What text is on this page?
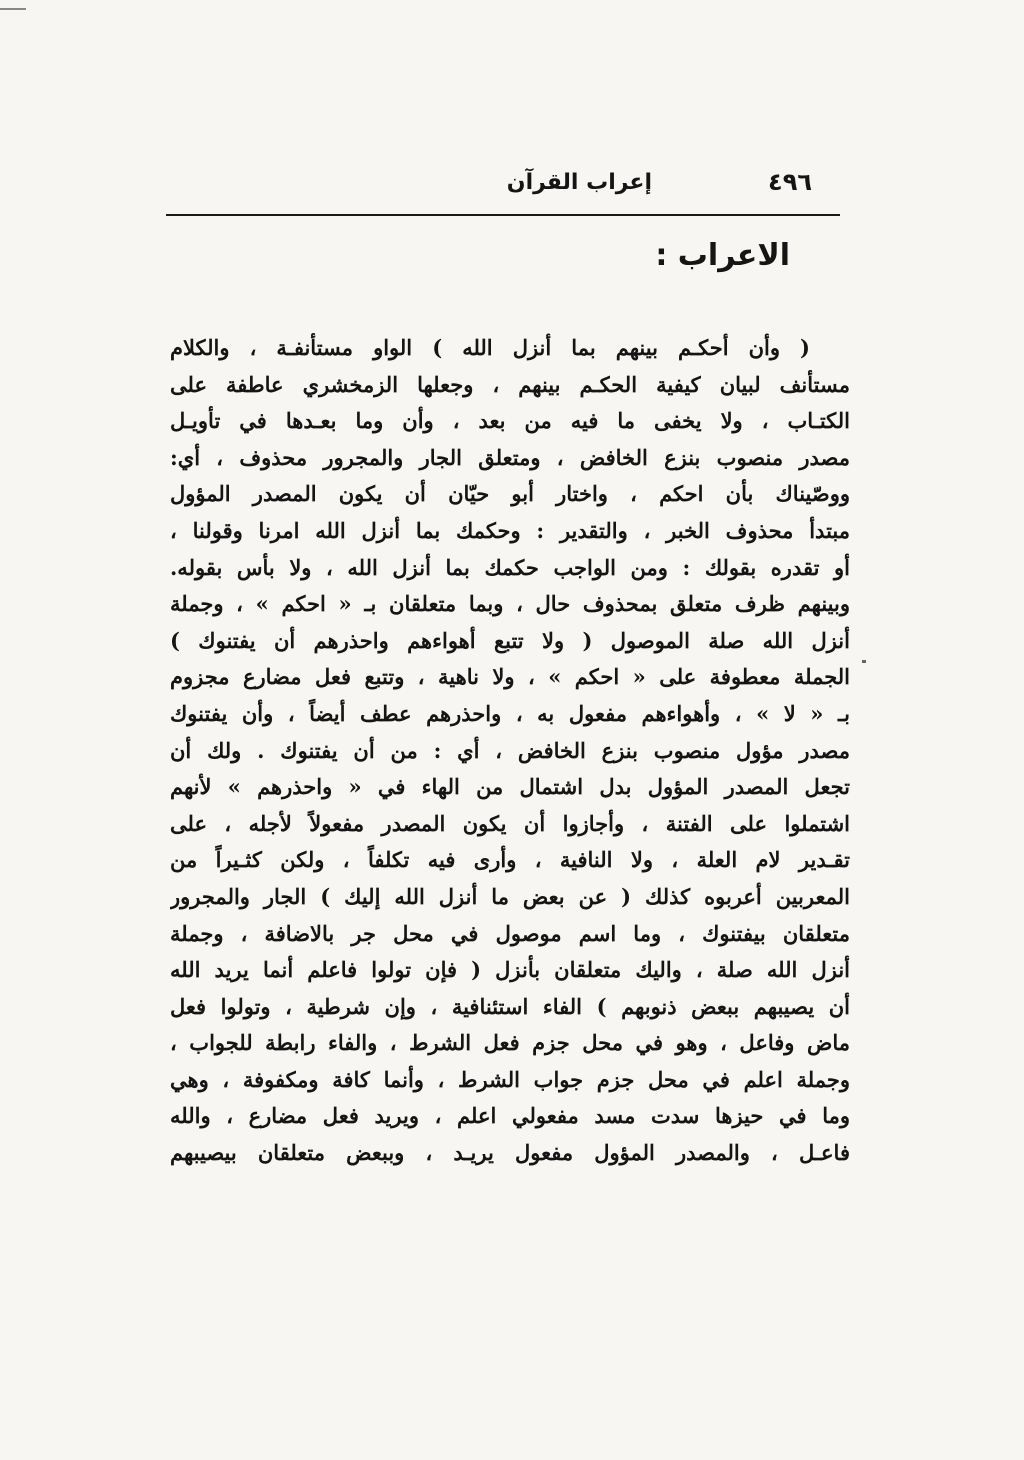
٤٩٦
إعراب القرآن
الاعراب :
( وأن أحكـم بينهم بما أنزل الله ) الواو مستأنفـة ، والكلام
مستأنف لبيان كيفية الحكـم بينهم ، وجعلها الزمخشري عاطفة على
الكتـاب ، ولا يخفى ما فيه من بعد ، وأن وما بعـدها في تأويـل
مصدر منصوب بنزع الخافض ، ومتعلق الجار والمجرور محذوف ، أي:
ووصّيناك بأن احكم ، واختار أبو حيّان أن يكون المصدر المؤول
مبتدأ محذوف الخبر ، والتقدير : وحكمك بما أنزل الله امرنا وقولنا ،
أو تقدره بقولك : ومن الواجب حكمك بما أنزل الله ، ولا بأس بقوله.
وبينهم ظرف متعلق بمحذوف حال ، وبما متعلقان بـ « احكم » ، وجملة
أنزل الله صلة الموصول ( ولا تتبع أهواءهم واحذرهم أن يفتنوك )
الجملة معطوفة على « احكم » ، ولا ناهية ، وتتبع فعل مضارع مجزوم
بـ « لا » ، وأهواءهم مفعول به ، واحذرهم عطف أيضاً ، وأن يفتنوك
مصدر مؤول منصوب بنزع الخافض ، أي : من أن يفتنوك . ولك أن
تجعل المصدر المؤول بدل اشتمال من الهاء في « واحذرهم » لأنهم
اشتملوا على الفتنة ، وأجازوا أن يكون المصدر مفعولاً لأجله ، على
تقـدير لام العلة ، ولا النافية ، وأرى فيه تكلفاً ، ولكن كثـيراً من
المعربين أعربوه كذلك ( عن بعض ما أنزل الله إليك ) الجار والمجرور
متعلقان بيفتنوك ، وما اسم موصول في محل جر بالاضافة ، وجملة
أنزل الله صلة ، واليك متعلقان بأنزل ( فإن تولوا فاعلم أنما يريد الله
أن يصيبهم ببعض ذنوبهم ) الفاء استئنافية ، وإن شرطية ، وتولوا فعل
ماض وفاعل ، وهو في محل جزم فعل الشرط ، والفاء رابطة للجواب ،
وجملة اعلم في محل جزم جواب الشرط ، وأنما كافة ومكفوفة ، وهي
وما في حيزها سدت مسد مفعولي اعلم ، ويريد فعل مضارع ، والله
فاعـل ، والمصدر المؤول مفعول يريـد ، وببعض متعلقان بيصيبهم
